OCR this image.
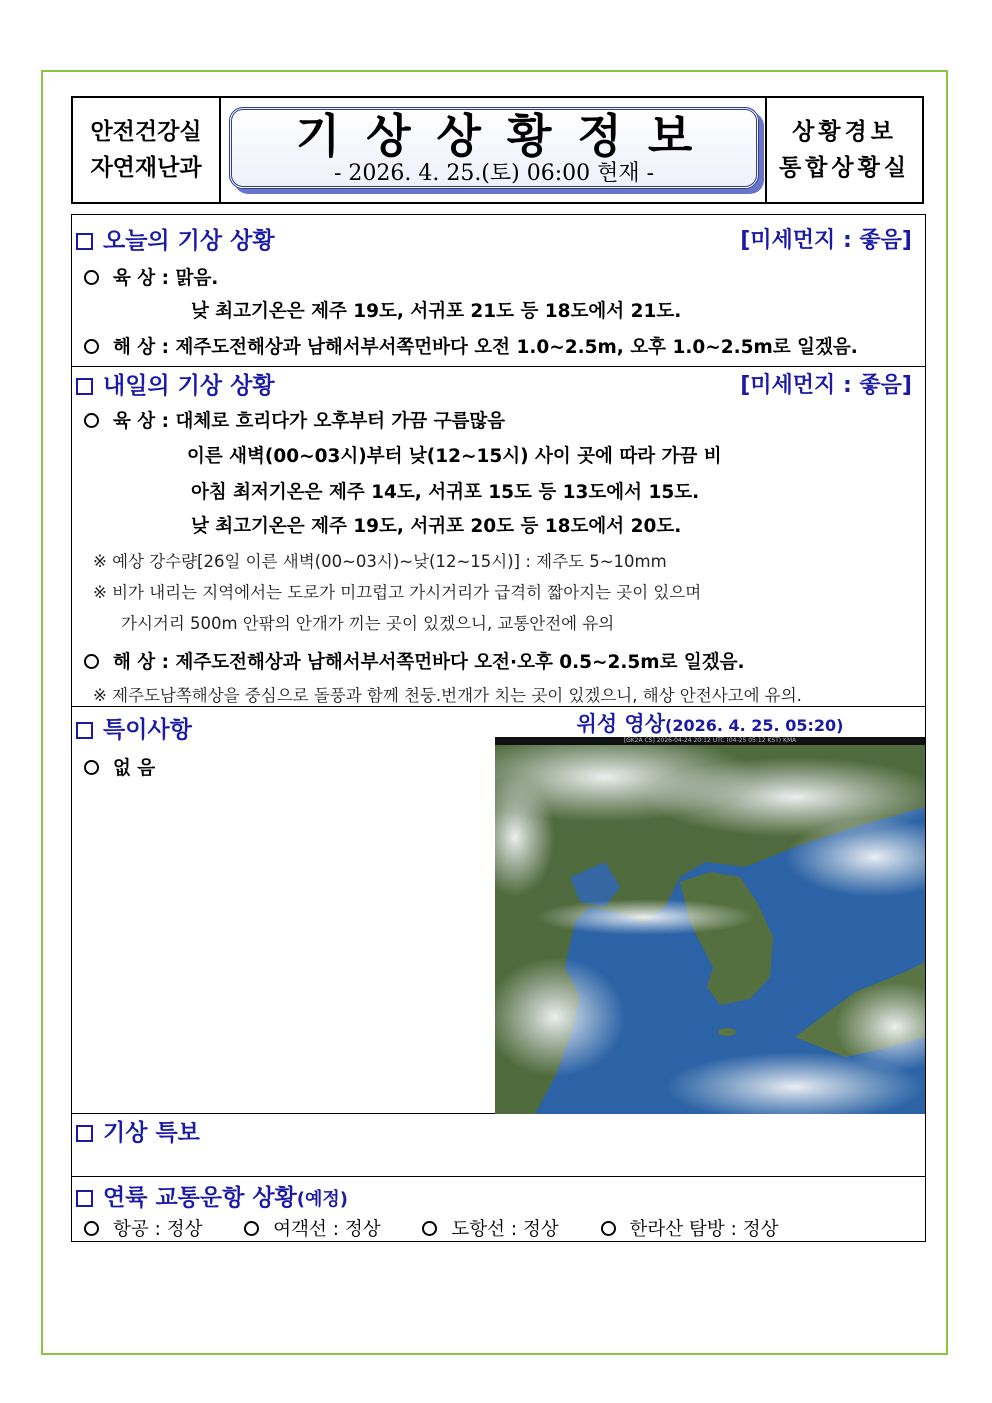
안전건강실
자연재난과
기상상황정보
- 2026. 4. 25.(토) 06:00 현재 -
상황경보
통합상황실
오늘의 기상 상황	[미세먼지 : 좋음]
육 상 : 맑음.
낮 최고기온은 제주 19도, 서귀포 21도 등 18도에서 21도.
해 상 : 제주도전해상과 남해서부서쪽먼바다 오전 1.0~2.5m, 오후 1.0~2.5m로 일겠음.
내일의 기상 상황	[미세먼지 : 좋음]
육 상 : 대체로 흐리다가 오후부터 가끔 구름많음
이른 새벽(00~03시)부터 낮(12~15시) 사이 곳에 따라 가끔 비
아침 최저기온은 제주 14도, 서귀포 15도 등 13도에서 15도.
낮 최고기온은 제주 19도, 서귀포 20도 등 18도에서 20도.
※ 예상 강수량[26일 이른 새벽(00~03시)~낮(12~15시)] : 제주도 5~10mm
※ 비가 내리는 지역에서는 도로가 미끄럽고 가시거리가 급격히 짧아지는 곳이 있으며
가시거리 500m 안팎의 안개가 끼는 곳이 있겠으니, 교통안전에 유의
해 상 : 제주도전해상과 남해서부서쪽먼바다 오전·오후 0.5~2.5m로 일겠음.
※ 제주도남쪽해상을 중심으로 돌풍과 함께 천둥.번개가 치는 곳이 있겠으니, 해상 안전사고에 유의.
특이사항
없 음
위성 영상(2026. 4. 25. 05:20)
[GK2A CS] 2026-04-24 20:12 UTC (04-25 05:12 KST) KMA
기상 특보
연륙 교통운항 상황(예정)
항공 : 정상	여객선 : 정상	도항선 : 정상	한라산 탐방 : 정상
